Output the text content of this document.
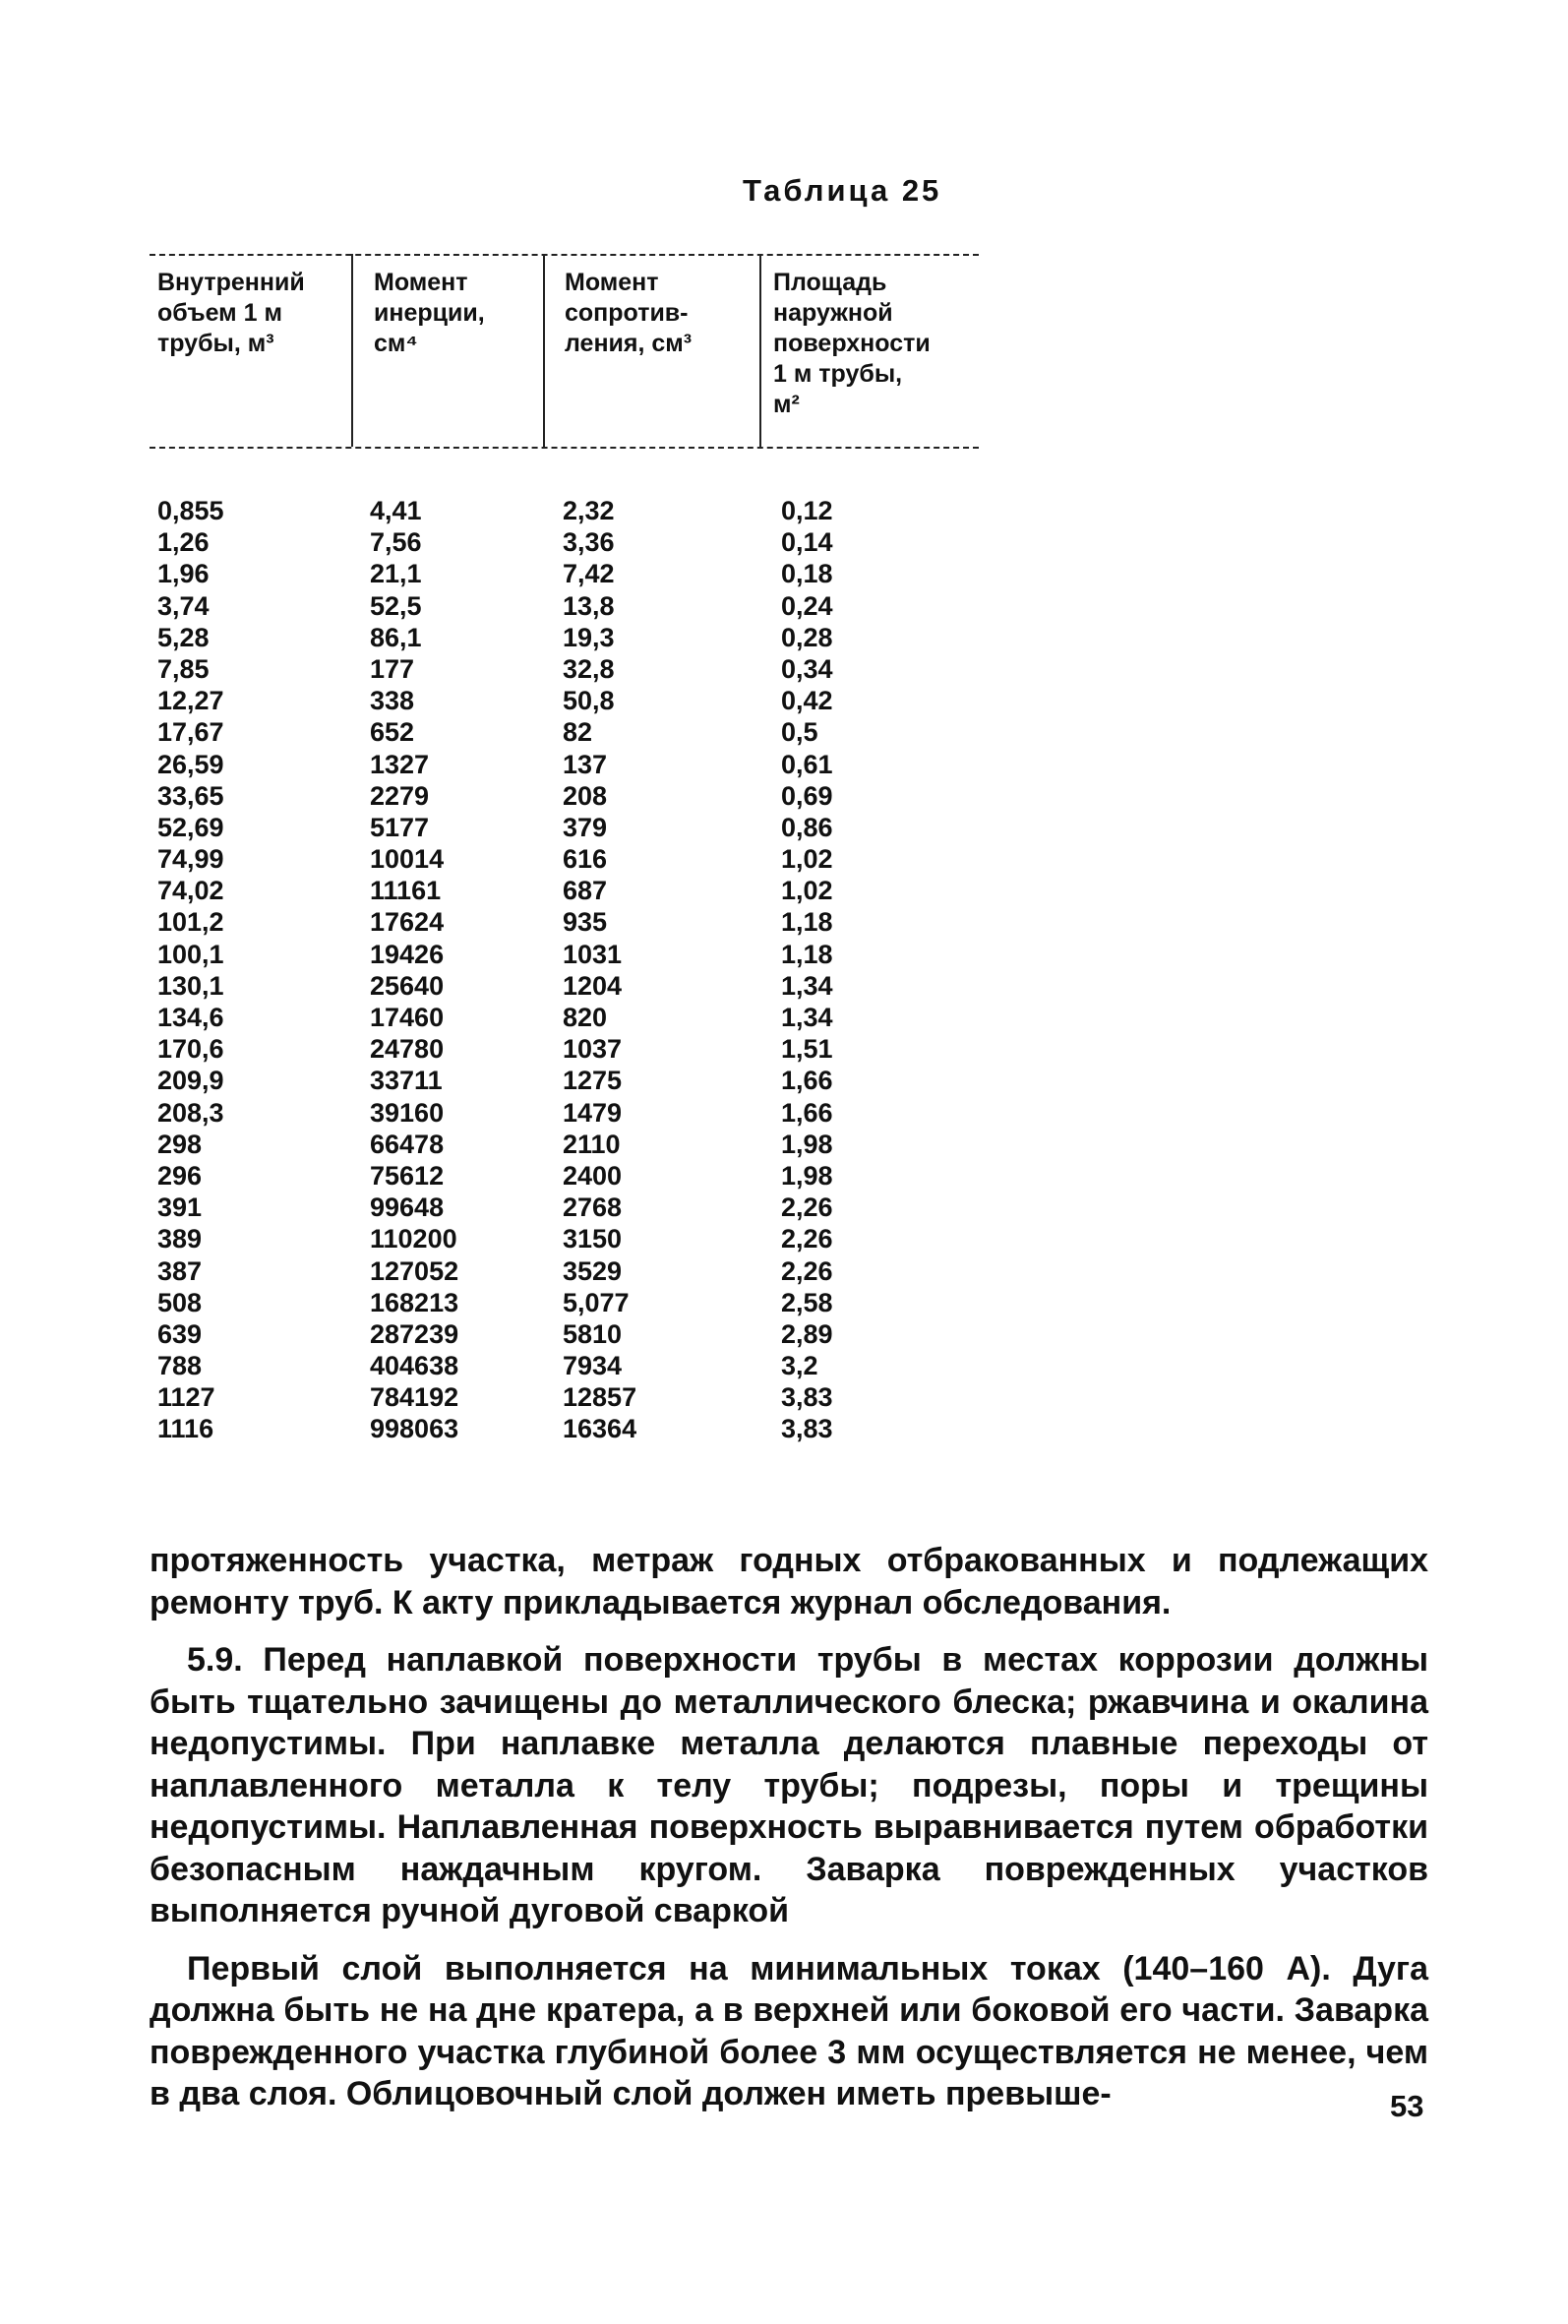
Таблица 25
Внутренний
объем 1 м
трубы, м³
Момент
инерции,
см⁴
Момент
сопротив-
ления, см³
Площадь
наружной
поверхности
1 м трубы,
м²
0,855
1,26
1,96
3,74
5,28
7,85
12,27
17,67
26,59
33,65
52,69
74,99
74,02
101,2
100,1
130,1
134,6
170,6
209,9
208,3
298
296
391
389
387
508
639
788
1127
1116
4,41
7,56
21,1
52,5
86,1
177
338
652
1327
2279
5177
10014
11161
17624
19426
25640
17460
24780
33711
39160
66478
75612
99648
110200
127052
168213
287239
404638
784192
998063
2,32
3,36
7,42
13,8
19,3
32,8
50,8
82
137
208
379
616
687
935
1031
1204
820
1037
1275
1479
2110
2400
2768
3150
3529
5,077
5810
7934
12857
16364
0,12
0,14
0,18
0,24
0,28
0,34
0,42
0,5
0,61
0,69
0,86
1,02
1,02
1,18
1,18
1,34
1,34
1,51
1,66
1,66
1,98
1,98
2,26
2,26
2,26
2,58
2,89
3,2
3,83
3,83

протяженность участка, метраж годных отбракованных и подлежащих ремонту труб. К акту прикладывается журнал обследования.

5.9. Перед наплавкой поверхности трубы в местах коррозии должны быть тщательно зачищены до металлического блеска; ржавчина и окалина недопустимы. При наплавке металла делаются плавные переходы от наплавленного металла к телу трубы; подрезы, поры и трещины недопустимы. Наплавленная поверхность выравнивается путем обработки безопасным наждачным кругом. Заварка поврежденных участков выполняется ручной дуговой сваркой

Первый слой выполняется на минимальных токах (140–160 А). Дуга должна быть не на дне кратера, а в верхней или боковой его части. Заварка поврежденного участка глубиной более 3 мм осуществляется не менее, чем в два слоя. Облицовочный слой должен иметь превыше-	53
